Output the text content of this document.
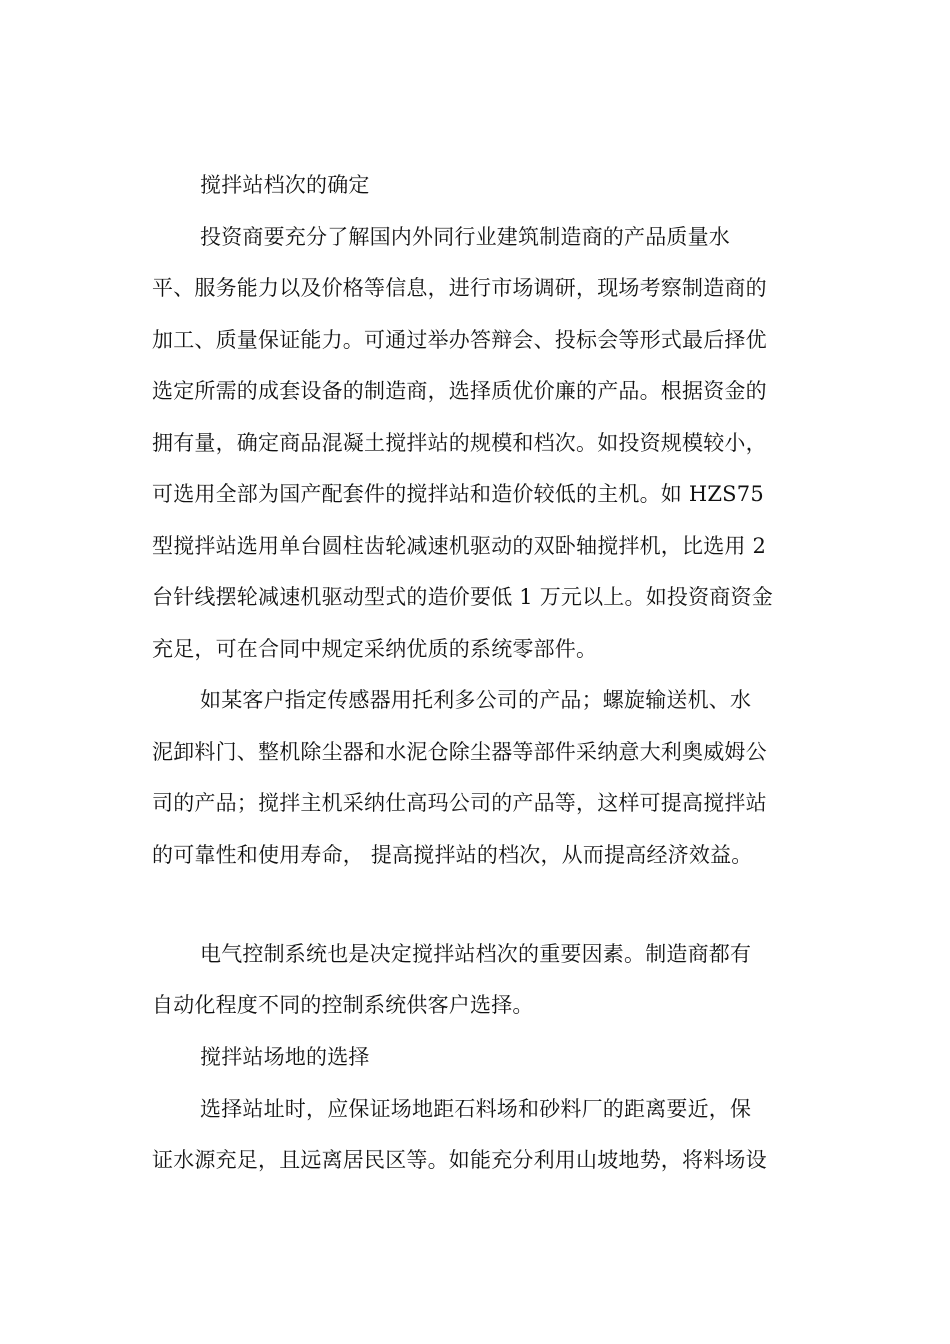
搅拌站档次的确定
投资商要充分了解国内外同行业建筑制造商的产品质量水
平、服务能力以及价格等信息，进行市场调研，现场考察制造商的
加工、质量保证能力。可通过举办答辩会、投标会等形式最后择优
选定所需的成套设备的制造商，选择质优价廉的产品。根据资金的
拥有量，确定商品混凝土搅拌站的规模和档次。如投资规模较小，
可选用全部为国产配套件的搅拌站和造价较低的主机。如 HZS75
型搅拌站选用单台圆柱齿轮减速机驱动的双卧轴搅拌机，比选用 2
台针线摆轮减速机驱动型式的造价要低 1 万元以上。如投资商资金
充足，可在合同中规定采纳优质的系统零部件。
如某客户指定传感器用托利多公司的产品；螺旋输送机、水
泥卸料门、整机除尘器和水泥仓除尘器等部件采纳意大利奥威姆公
司的产品；搅拌主机采纳仕高玛公司的产品等，这样可提高搅拌站
的可靠性和使用寿命， 提高搅拌站的档次，从而提高经济效益。
电气控制系统也是决定搅拌站档次的重要因素。制造商都有
自动化程度不同的控制系统供客户选择。
搅拌站场地的选择
选择站址时，应保证场地距石料场和砂料厂的距离要近，保
证水源充足，且远离居民区等。如能充分利用山坡地势，将料场设
